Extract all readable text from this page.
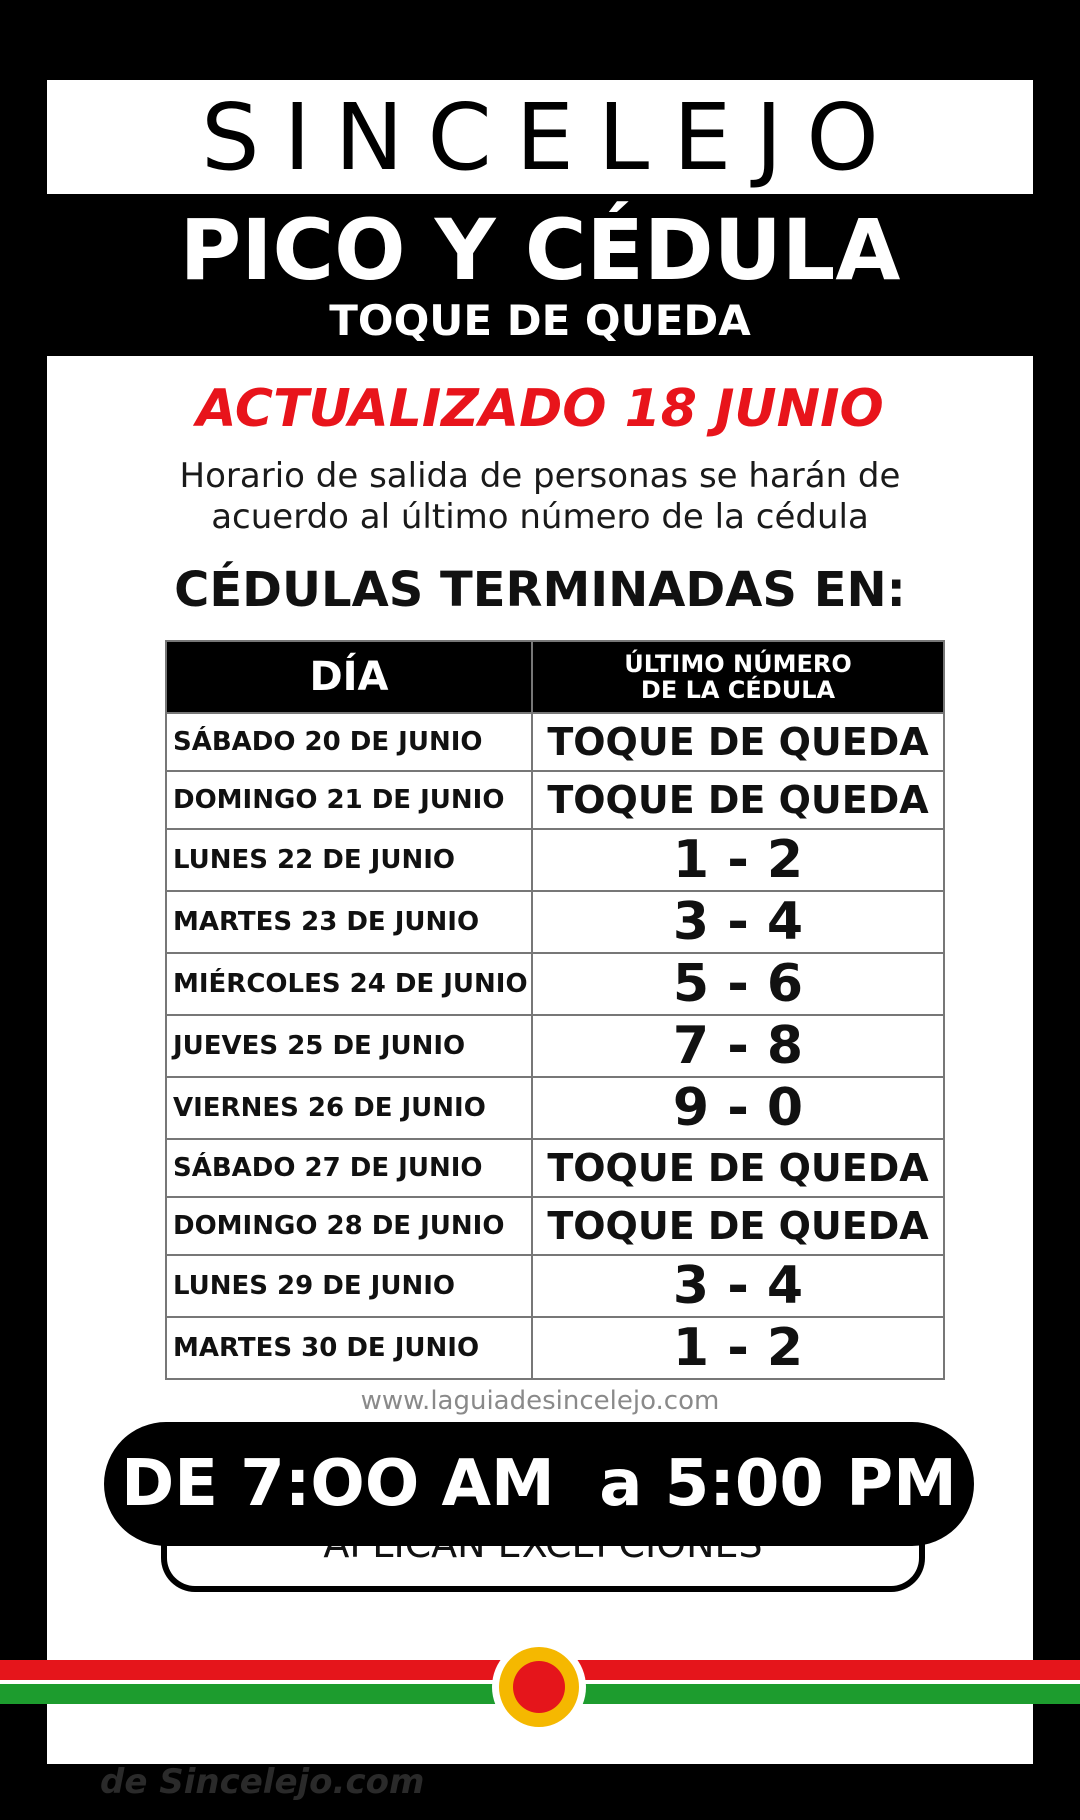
SINCELEJO
PICO Y CÉDULA
TOQUE DE QUEDA
ACTUALIZADO 18 JUNIO
Horario de salida de personas se harán de
acuerdo al último número de la cédula
CÉDULAS TERMINADAS EN:
DÍA	ÚLTIMO NÚMERO
DE LA CÉDULA

SÁBADO 20 DE JUNIO	TOQUE DE QUEDA
DOMINGO 21 DE JUNIO	TOQUE DE QUEDA
LUNES 22 DE JUNIO	1 - 2
MARTES 23 DE JUNIO	3 - 4
MIÉRCOLES 24 DE JUNIO	5 - 6
JUEVES 25 DE JUNIO	7 - 8
VIERNES 26 DE JUNIO	9 - 0
SÁBADO 27 DE JUNIO	TOQUE DE QUEDA
DOMINGO 28 DE JUNIO	TOQUE DE QUEDA
LUNES 29 DE JUNIO	3 - 4
MARTES 30 DE JUNIO	1 - 2
www.laguiadesincelejo.com
DE 7:OO AM  a 5:00 PM
de Sincelejo.com
